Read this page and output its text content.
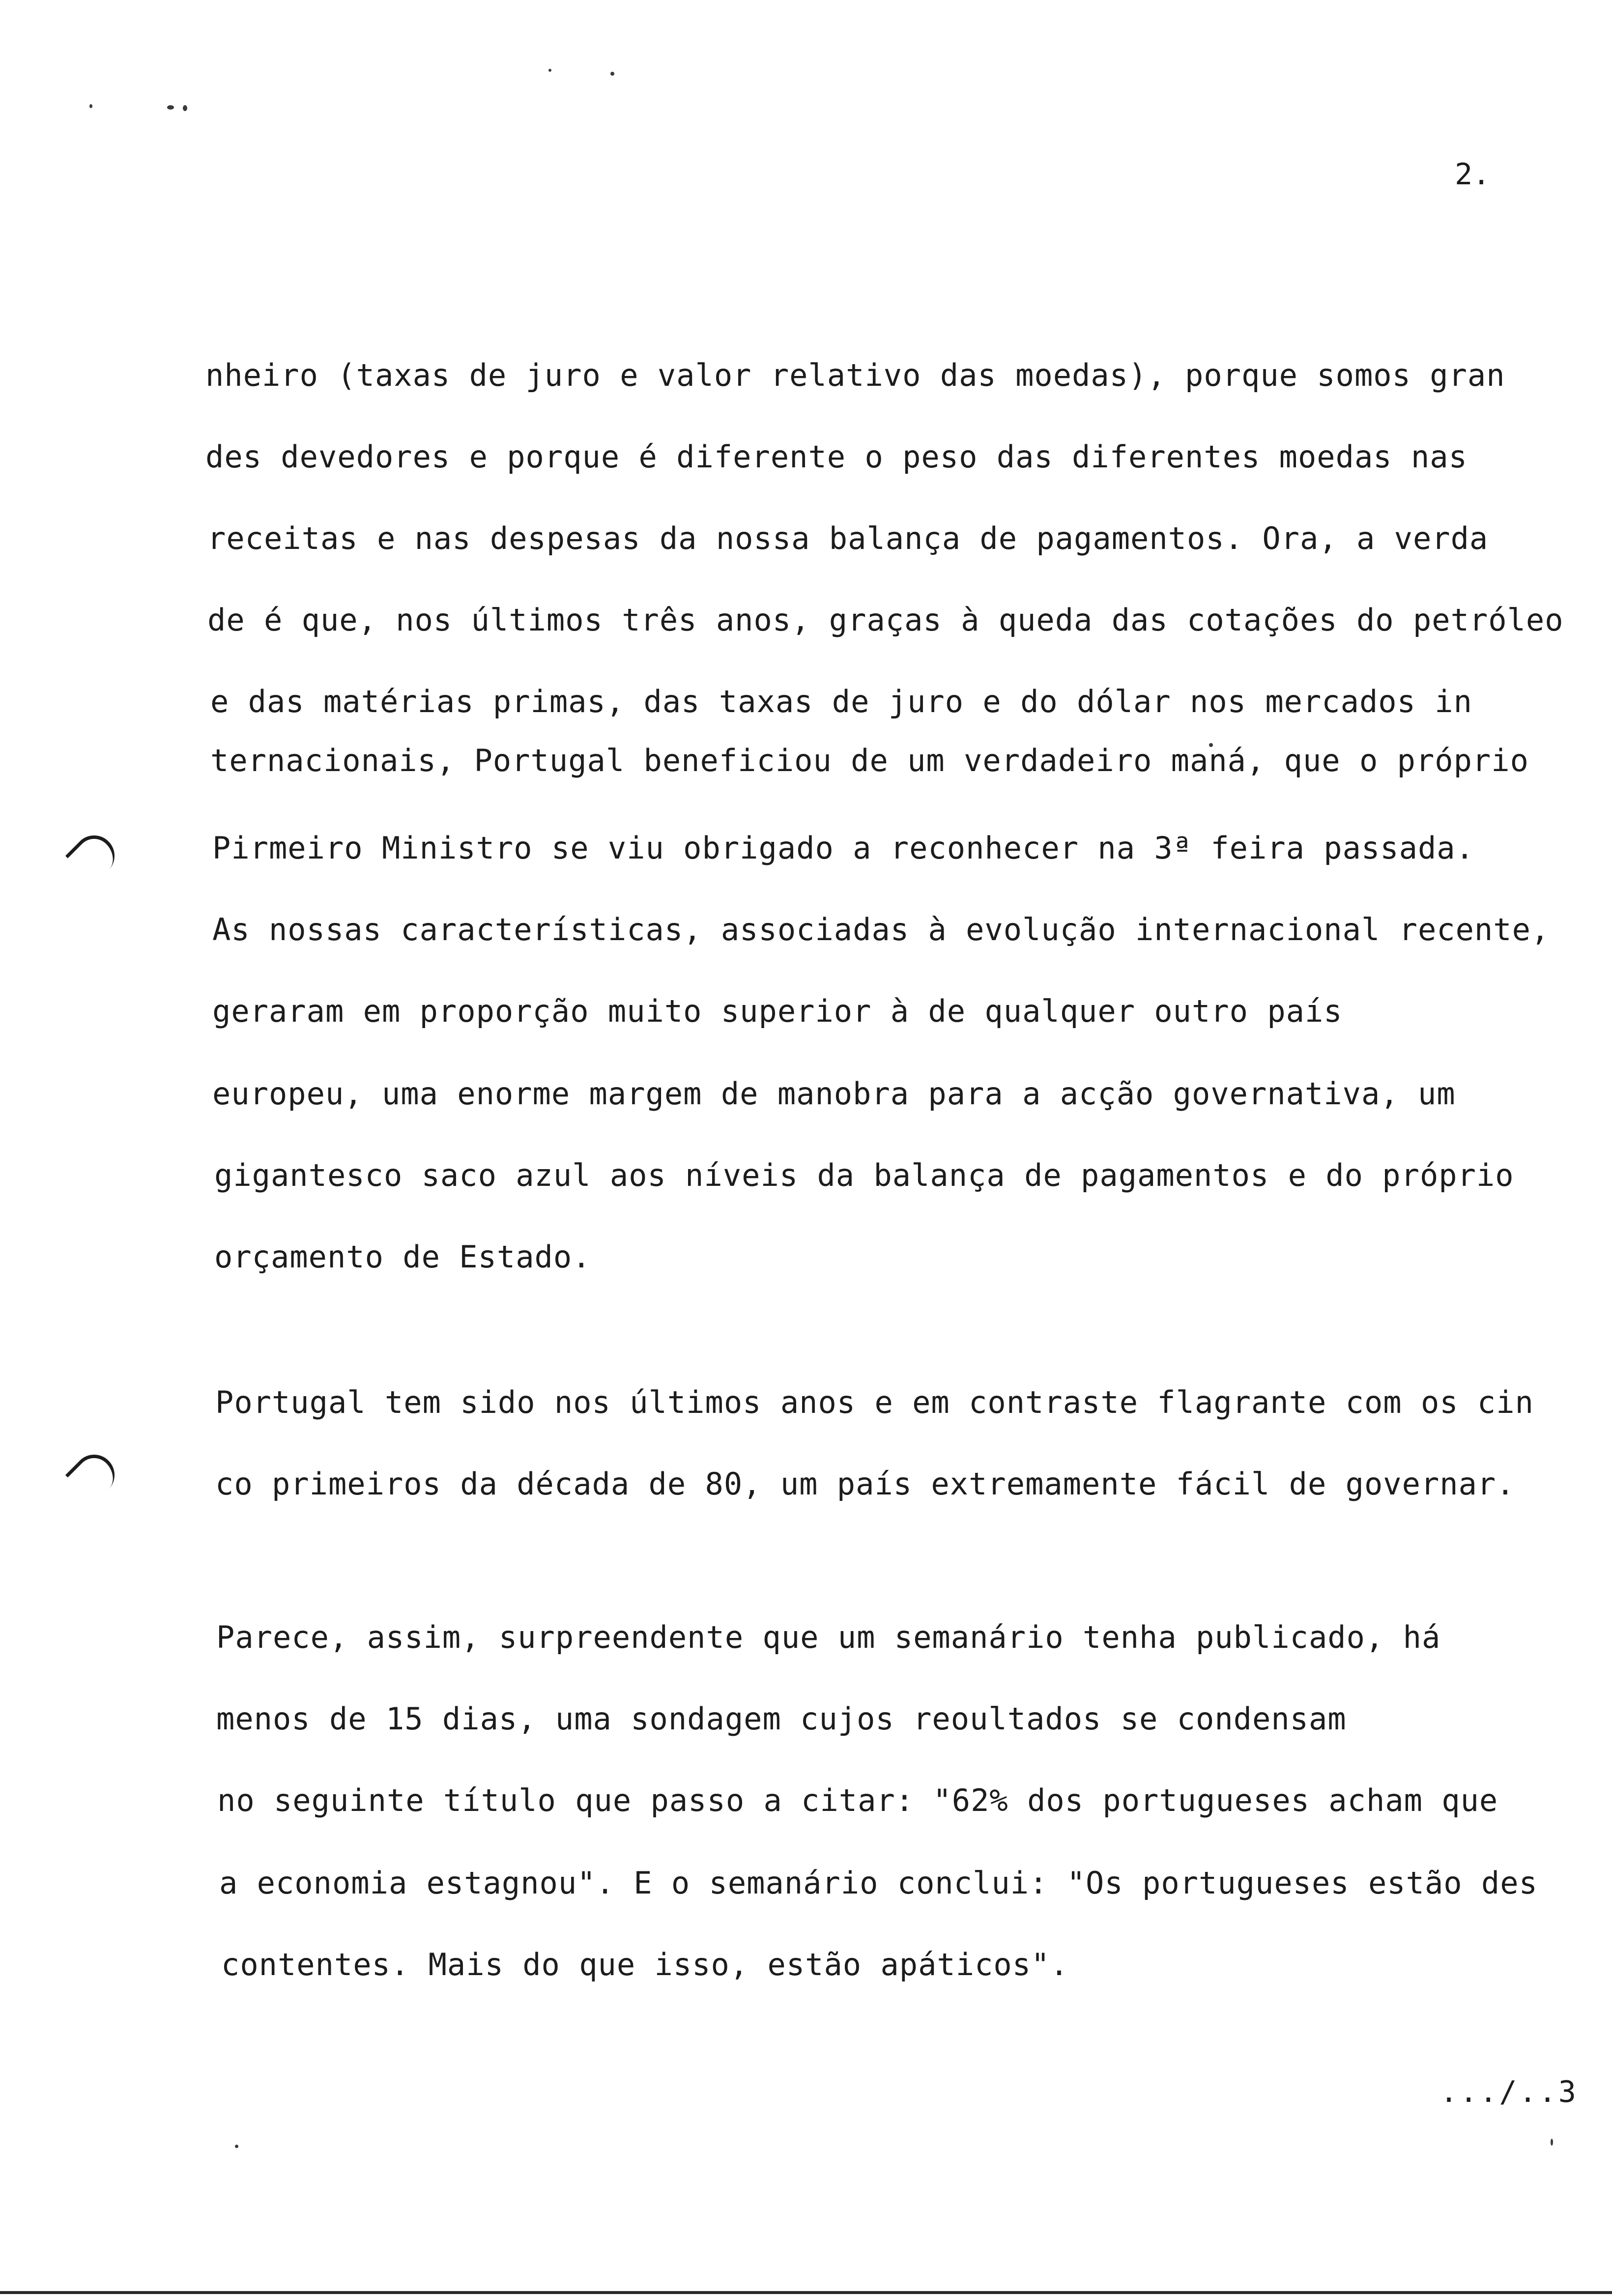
2.
nheiro (taxas de juro e valor relativo das moedas), porque somos gran
des devedores e porque é diferente o peso das diferentes moedas nas
receitas e nas despesas da nossa balança de pagamentos. Ora, a verda
de é que, nos últimos três anos, graças à queda das cotações do petróleo
e das matérias primas, das taxas de juro e do dólar nos mercados in
ternacionais, Portugal beneficiou de um verdadeiro maná, que o próprio
Pirmeiro Ministro se viu obrigado a reconhecer na 3ª feira passada.
As nossas características, associadas à evolução internacional recente,
geraram em proporção muito superior à de qualquer outro país
europeu, uma enorme margem de manobra para a acção governativa, um
gigantesco saco azul aos níveis da balança de pagamentos e do próprio
orçamento de Estado.
Portugal tem sido nos últimos anos e em contraste flagrante com os cin
co primeiros da década de 80, um país extremamente fácil de governar.
Parece, assim, surpreendente que um semanário tenha publicado, há
menos de 15 dias, uma sondagem cujos reoultados se condensam
no seguinte título que passo a citar: "62% dos portugueses acham que
a economia estagnou". E o semanário conclui: "Os portugueses estão des
contentes. Mais do que isso, estão apáticos".
.../..3
